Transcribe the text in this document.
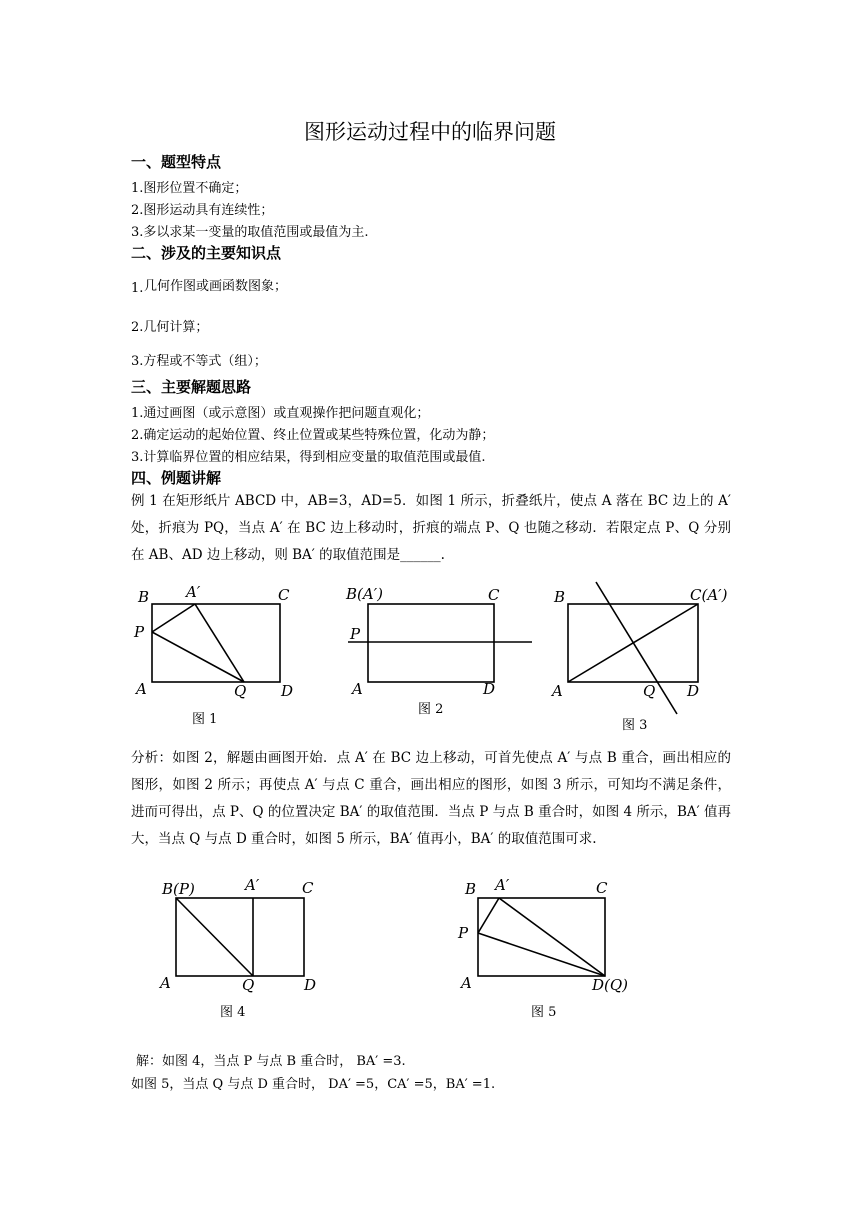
图形运动过程中的临界问题
一、题型特点
1.图形位置不确定；
2.图形运动具有连续性；
3.多以求某一变量的取值范围或最值为主.
二、涉及的主要知识点
1. 几何作图或画函数图象；
2.几何计算；
3.方程或不等式（组）；
三、主要解题思路
1.通过画图（或示意图）或直观操作把问题直观化；
2.确定运动的起始位置、终止位置或某些特殊位置，化动为静；
3.计算临界位置的相应结果，得到相应变量的取值范围或最值.
四、例题讲解
例 1 在矩形纸片 ABCD 中，AB=3，AD=5．如图 1 所示，折叠纸片，使点 A 落在 BC 边上的 A′ 处，折痕为 PQ，当点 A′ 在 BC 边上移动时，折痕的端点 P、Q 也随之移动．若限定点 P、Q 分别在 AB、AD 边上移动，则 BA′ 的取值范围是______.
B A′	C
P
A	Q D
图 1
B(A′)	C
P
A	D
图 2
B	C(A′)
A	Q D
图 3
分析：如图 2，解题由画图开始．点 A′ 在 BC 边上移动，可首先使点 A′ 与点 B 重合，画出相应的图形，如图 2 所示；再使点 A′ 与点 C 重合，画出相应的图形，如图 3 所示，可知均不满足条件，进而可得出，点 P、Q 的位置决定 BA′ 的取值范围．当点 P 与点 B 重合时，如图 4 所示，BA′ 值再大，当点 Q 与点 D 重合时，如图 5 所示，BA′ 值再小，BA′ 的取值范围可求.
B(P)	A′	C
A	Q	D
图 4
B A′	C
P
A	D(Q)
图 5
解：如图 4，当点 P 与点 B 重合时， BA′ =3.
如图 5，当点 Q 与点 D 重合时， DA′ =5，CA′ =5，BA′ =1.
